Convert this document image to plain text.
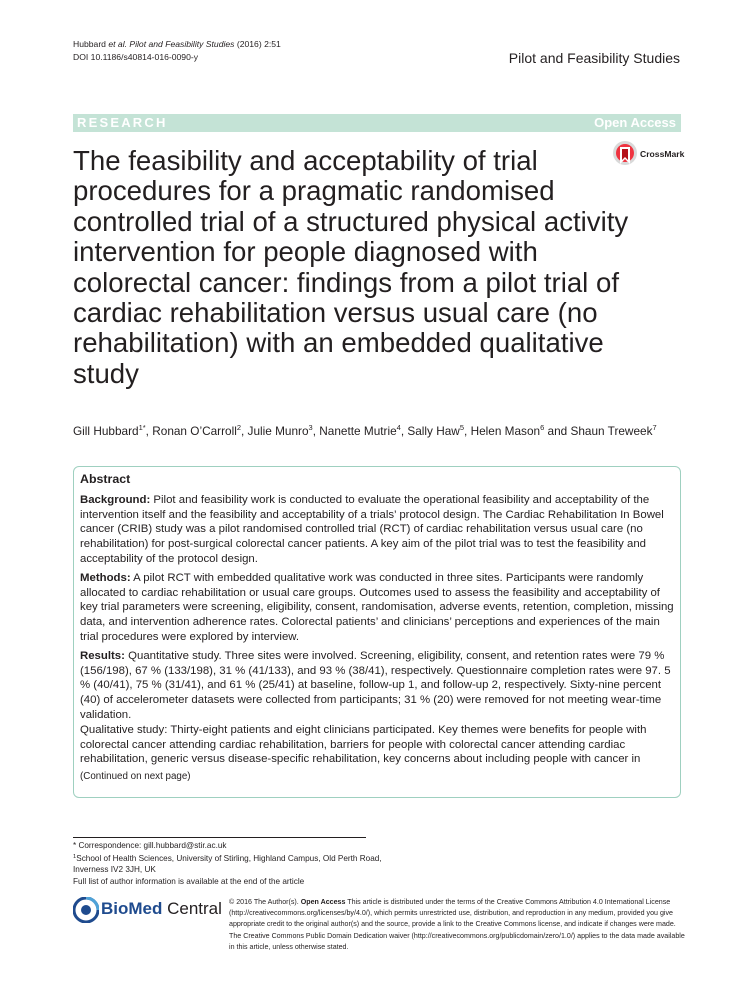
Hubbard et al. Pilot and Feasibility Studies (2016) 2:51
DOI 10.1186/s40814-016-0090-y	Pilot and Feasibility Studies
RESEARCH	Open Access
CrossMark
The feasibility and acceptability of trial procedures for a pragmatic randomised controlled trial of a structured physical activity intervention for people diagnosed with colorectal cancer: findings from a pilot trial of cardiac rehabilitation versus usual care (no rehabilitation) with an embedded qualitative study
Gill Hubbard$^{1*}$, Ronan O’Carroll$^2$, Julie Munro$^3$, Nanette Mutrie$^4$, Sally Haw$^5$, Helen Mason$^6$ and Shaun Treweek$^7$
Abstract

Background: Pilot and feasibility work is conducted to evaluate the operational feasibility and acceptability of the intervention itself and the feasibility and acceptability of a trials’ protocol design. The Cardiac Rehabilitation In Bowel cancer (CRIB) study was a pilot randomised controlled trial (RCT) of cardiac rehabilitation versus usual care (no rehabilitation) for post-surgical colorectal cancer patients. A key aim of the pilot trial was to test the feasibility and acceptability of the protocol design.

Methods: A pilot RCT with embedded qualitative work was conducted in three sites. Participants were randomly allocated to cardiac rehabilitation or usual care groups. Outcomes used to assess the feasibility and acceptability of key trial parameters were screening, eligibility, consent, randomisation, adverse events, retention, completion, missing data, and intervention adherence rates. Colorectal patients’ and clinicians’ perceptions and experiences of the main trial procedures were explored by interview.

Results: Quantitative study. Three sites were involved. Screening, eligibility, consent, and retention rates were 79 % (156/198), 67 % (133/198), 31 % (41/133), and 93 % (38/41), respectively. Questionnaire completion rates were 97. 5 % (40/41), 75 % (31/41), and 61 % (25/41) at baseline, follow-up 1, and follow-up 2, respectively. Sixty-nine percent (40) of accelerometer datasets were collected from participants; 31 % (20) were removed for not meeting wear-time validation.

Qualitative study: Thirty-eight patients and eight clinicians participated. Key themes were benefits for people with colorectal cancer attending cardiac rehabilitation, barriers for people with colorectal cancer attending cardiac rehabilitation, generic versus disease-specific rehabilitation, key concerns about including people with cancer in

(Continued on next page)

* Correspondence: gill.hubbard@stir.ac.uk
$^1$School of Health Sciences, University of Stirling, Highland Campus, Old Perth Road, Inverness IV2 3JH, UK
Full list of author information is available at the end of the article
BioMed Central © 2016 The Author(s). Open Access This article is distributed under the terms of the Creative Commons Attribution 4.0 International License (http://creativecommons.org/licenses/by/4.0/), which permits unrestricted use, distribution, and reproduction in any medium, provided you give appropriate credit to the original author(s) and the source, provide a link to the Creative Commons license, and indicate if changes were made. The Creative Commons Public Domain Dedication waiver (http://creativecommons.org/publicdomain/zero/1.0/) applies to the data made available in this article, unless otherwise stated.
